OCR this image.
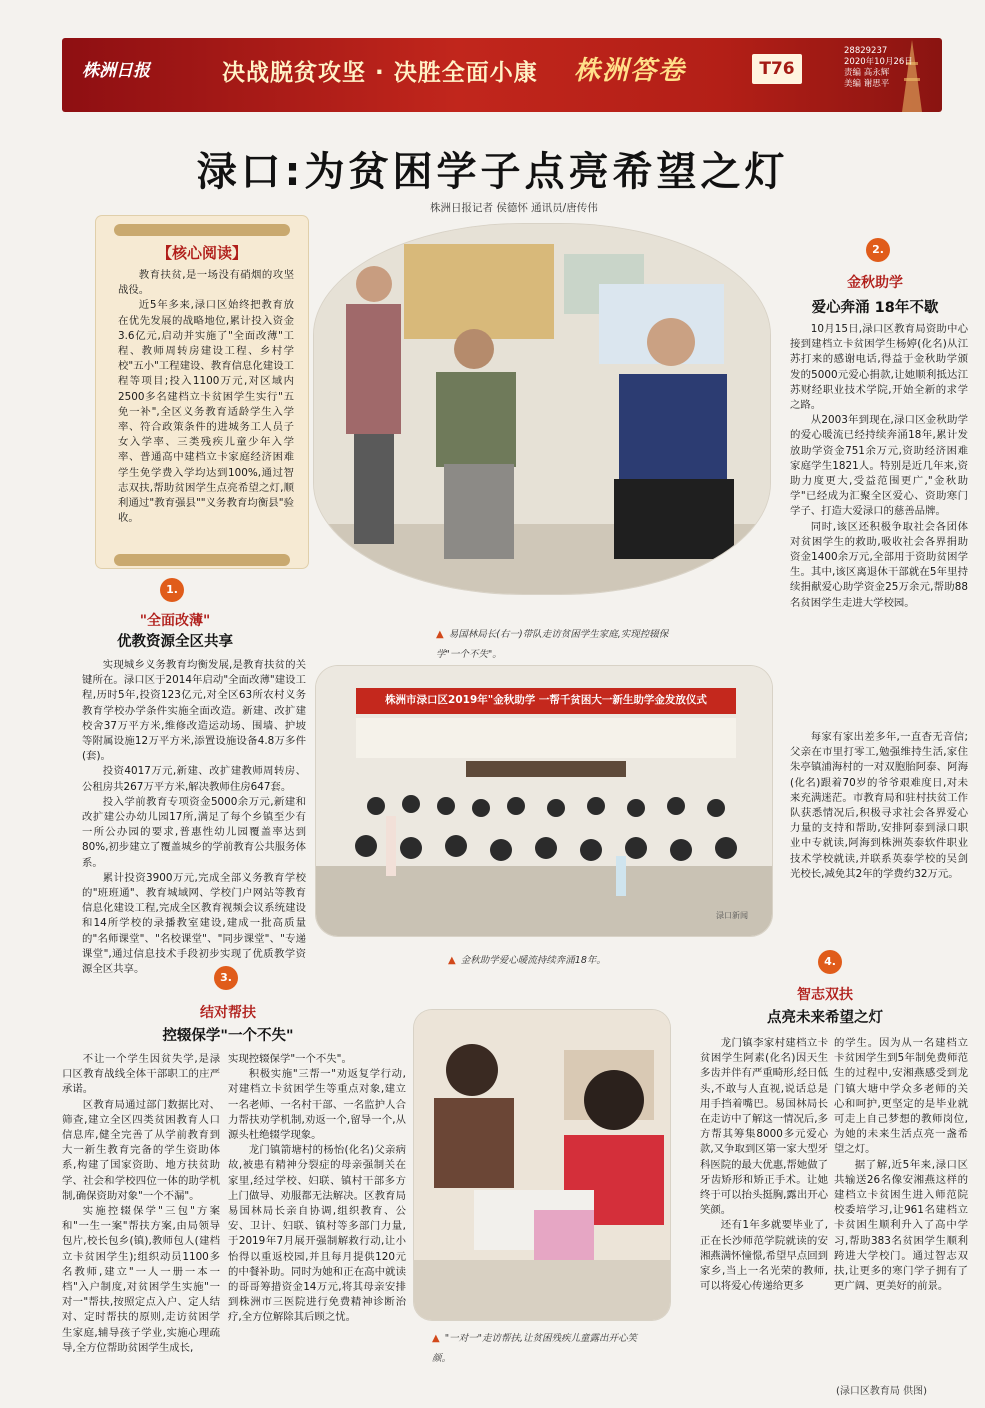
株洲日报	决战脱贫攻坚 · 决胜全面小康 株洲答卷	T76
28829237
2020年10月26日
责编 高永辉
美编 谢思平
渌口:为贫困学子点亮希望之灯
株洲日报记者 侯德怀 通讯员/唐传伟
【核心阅读】

教育扶贫,是一场没有硝烟的攻坚战役。

近5年多来,渌口区始终把教育放在优先发展的战略地位,累计投入资金3.6亿元,启动并实施了"全面改薄"工程、教师周转房建设工程、乡村学校"五小"工程建设、教育信息化建设工程等项目;投入1100万元,对区域内2500多名建档立卡贫困学生实行"五免一补",全区义务教育适龄学生入学率、符合政策条件的进城务工人员子女入学率、三类残疾儿童少年入学率、普通高中建档立卡家庭经济困难学生免学费入学均达到100%,通过智志双扶,帮助贫困学生点亮希望之灯,顺利通过"教育强县""义务教育均衡县"验收。

▲ 易国林局长(右一)带队走访贫困学生家庭,实现控辍保学"一个不失"。
2.
金秋助学
爱心奔涌 18年不歇

10月15日,渌口区教育局资助中心接到建档立卡贫困学生杨婷(化名)从江苏打来的感谢电话,得益于金秋助学颁发的5000元爱心捐款,让她顺利抵达江苏财经职业技术学院,开始全新的求学之路。

从2003年到现在,渌口区金秋助学的爱心暖流已经持续奔涌18年,累计发放助学资金751余万元,资助经济困难家庭学生1821人。特别是近几年来,资助力度更大,受益范围更广,"金秋助学"已经成为汇聚全区爱心、资助寒门学子、打造大爱渌口的慈善品牌。

同时,该区还积极争取社会各团体对贫困学生的救助,吸收社会各界捐助资金1400余万元,全部用于资助贫困学生。其中,该区离退休干部就在5年里持续捐献爱心助学资金25万余元,帮助88名贫困学生走进大学校园。

每家有家出差多年,一直杳无音信;父亲在市里打零工,勉强维持生活,家住朱亭镇浦海村的一对双胞胎阿泰、阿海(化名)跟着70岁的爷爷艰难度日,对未来充满迷茫。市教育局和驻村扶贫工作队获悉情况后,积极寻求社会各界爱心力量的支持和帮助,安排阿泰到渌口职业中专就读,阿海到株洲英泰软件职业技术学校就读,并联系英泰学校的吴剑光校长,减免其2年的学费约32万元。

1.
"全面改薄"
优教资源全区共享

实现城乡义务教育均衡发展,是教育扶贫的关键所在。渌口区于2014年启动"全面改薄"建设工程,历时5年,投资123亿元,对全区63所农村义务教育学校办学条件实施全面改造。新建、改扩建校舍37万平方米,维修改造运动场、围墙、护坡等附属设施12万平方米,添置设施设备4.8万多件(套)。

投资4017万元,新建、改扩建教师周转房、公租房共267万平方米,解决教师住房647套。

投入学前教育专项资金5000余万元,新建和改扩建公办幼儿园17所,满足了每个乡镇至少有一所公办园的要求,普惠性幼儿园覆盖率达到80%,初步建立了覆盖城乡的学前教育公共服务体系。

累计投资3900万元,完成全部义务教育学校的"班班通"、教育城域网、学校门户网站等教育信息化建设工程,完成全区教育视频会议系统建设和14所学校的录播教室建设,建成一批高质量的"名师课堂"、"名校课堂"、"同步课堂"、"专递课堂",通过信息技术手段初步实现了优质教学资源全区共享。

株洲市渌口区2019年"金秋助学 一帮千贫困大一新生助学金发放仪式
渌口新闻
▲ 金秋助学爱心暖流持续奔涌18年。
3.
结对帮扶
控辍保学"一个不失"

不让一个学生因贫失学,是渌口区教育战线全体干部职工的庄严承诺。

区教育局通过部门数据比对、筛查,建立全区四类贫困教育人口信息库,健全完善了从学前教育到大一新生教育完备的学生资助体系,构建了国家资助、地方扶贫助学、社会和学校四位一体的助学机制,确保资助对象"一个不漏"。

实施控辍保学"三包"方案和"一生一案"帮扶方案,由局领导包片,校长包乡(镇),教师包人(建档立卡贫困学生);组织动员1100多名教师,建立"一人一册一本一档"入户制度,对贫困学生实施"一对一"帮扶,按照定点入户、定人结对、定时帮扶的原则,走访贫困学生家庭,辅导孩子学业,实施心理疏导,全方位帮助贫困学生成长,

实现控辍保学"一个不失"。

积极实施"三帮一"劝返复学行动,对建档立卡贫困学生等重点对象,建立一名老师、一名村干部、一名监护人合力帮扶劝学机制,劝返一个,留导一个,从源头杜绝辍学现象。

龙门镇箭塘村的杨怡(化名)父亲病故,被患有精神分裂症的母亲强制关在家里,经过学校、妇联、镇村干部多方上门做导、劝服都无法解决。区教育局易国林局长亲自协调,组织教育、公安、卫计、妇联、镇村等多部门力量,于2019年7月展开强制解救行动,让小怡得以重返校园,并且每月提供120元的中餐补助。同时为她和正在高中就读的哥哥筹措资金14万元,将其母亲安排到株洲市三医院进行免费精神诊断治疗,全方位解除其后顾之忧。

▲ "一对一"走访帮扶,让贫困残疾儿童露出开心笑颜。
4.
智志双扶
点亮未来希望之灯

龙门镇李家村建档立卡贫困学生阿素(化名)因天生多齿并伴有严重畸形,经日低头,不敢与人直视,说话总是用手挡着嘴巴。易国林局长在走访中了解这一情况后,多方帮其筹集8000多元爱心款,又争取到区第一家大型牙科医院的最大优惠,帮她做了牙齿矫形和矫正手术。让她终于可以抬头挺胸,露出开心笑颜。

还有1年多就要毕业了,正在长沙师范学院就读的安湘燕满怀憧憬,希望早点回到家乡,当上一名光荣的教师,可以将爱心传递给更多

的学生。因为从一名建档立卡贫困学生到5年制免费师范生的过程中,安湘燕感受到龙门镇大塘中学众多老师的关心和呵护,更坚定的是毕业就可走上自己梦想的教师岗位,为她的未来生活点亮一盏希望之灯。

据了解,近5年来,渌口区共输送26名像安湘燕这样的建档立卡贫困生进入师范院校委培学习,让961名建档立卡贫困生顺利升入了高中学习,帮助383名贫困学生顺利跨进大学校门。通过智志双扶,让更多的寒门学子拥有了更广阔、更美好的前景。

(渌口区教育局 供图)
